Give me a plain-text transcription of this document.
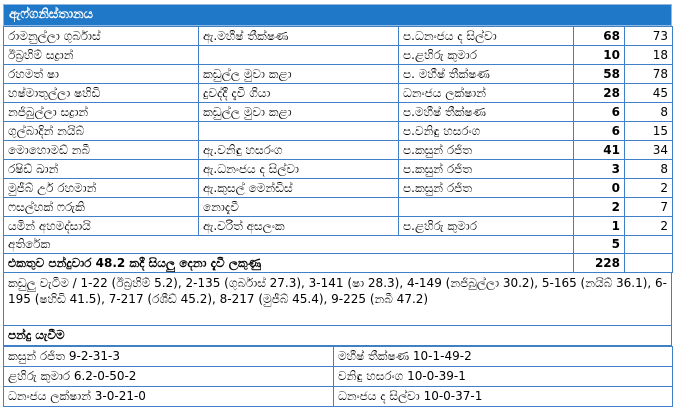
ඇෆ්ගනිස්තානය
රාමනුල්ලා ගුර්බාස්	ඇ.මහීෂ් තීක්ෂණ	ප.ධනංජය ද සිල්වා	68	73
ඊබ්‍රහිම් සද්‍රාන්		ප.ළහිරු කුමාර	10	18
රහමත් ෂා	කඩුල්ල මුවා කළා	ප. මහීෂ් තීක්ෂණ	58	78
හෂ්මාතුල්ලා ෂහිඩි	දුවද්දී දැවී ගියා	ධනංජය ලක්ෂාන්	28	45
නජිබුල්ලා සද්‍රාන්	කඩුල්ල මුවා කළා	ප.මහීෂ් තීක්ෂණ	6	8
ගුල්බාදින් නයිබ්		ප.වනිඳු හසරංග	6	15
මොහොමඩ් නබී	ඇ.වනිඳු හසරංග	ප.කසුන් රජිත	41	34
රෂිඩ් ඛාන්	ඇ.ධනංජය ද සිල්වා	ප.කසුන් රජිත	3	8
මුජීබ් උර් රහමාන්	ඇ.කුසල් මෙන්ඩිස්	ප.කසුන් රජිත	0	2
ෆසල්හක් ෆරුකි	නොදැවී		2	7
යමින් අහමද්සායි	ඇ.චරිත් අසලංක	ප.ළහිරු කුමාර	1	2
අතිරේක			5	
එකතුව පන්දුවාර 48.2 කදී සියලු දෙනා දැවී ලකුණු			228	
කඩුලු වැටීම / 1-22 (ඊබ්‍රහිම් 5.2), 2-135 (ගුර්බාස් 27.3), 3-141 (ෂා 28.3), 4-149 (නජිබුල්ලා 30.2), 5-165 (නයිබ් 36.1), 6-195 (ෂහිඩි 41.5), 7-217 (රශීඩ් 45.2), 8-217 (මුජීබ් 45.4), 9-225 (නබී 47.2)
පන්දු යැවීම
කසුන් රජිත 9-2-31-3	මහීෂ් තීක්ෂණ 10-1-49-2
ළහිරු කුමාර 6.2-0-50-2	වනිඳු හසරංග 10-0-39-1
ධනංජය ලක්ෂාන් 3-0-21-0	ධනංජය ද සිල්වා 10-0-37-1
